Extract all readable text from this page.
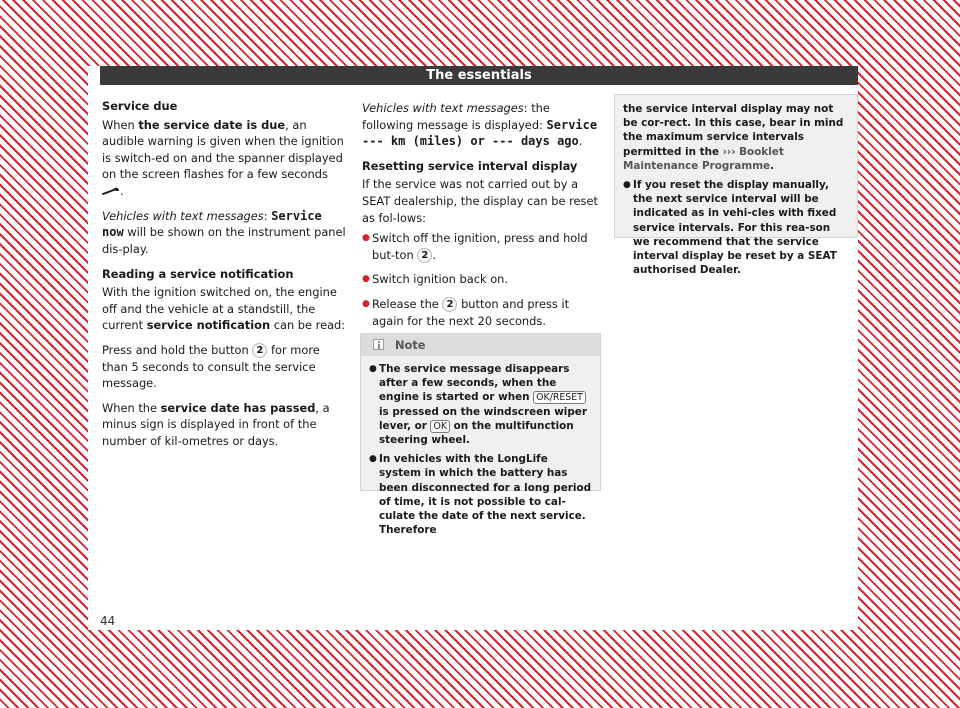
The essentials

Service due

When the service date is due, an audible warning is given when the ignition is switch-ed on and the spanner displayed on the screen flashes for a few seconds .

Vehicles with text messages: Service now will be shown on the instrument panel dis-play.

Reading a service notification

With the ignition switched on, the engine off and the vehicle at a standstill, the current service notification can be read:

Press and hold the button 2 for more than 5 seconds to consult the service message.

When the service date has passed, a minus sign is displayed in front of the number of kil-ometres or days.

Vehicles with text messages: the following message is displayed: Service --- km (miles) or --- days ago.

Resetting service interval display

If the service was not carried out by a SEAT dealership, the display can be reset as fol-lows:

● Switch off the ignition, press and hold but-ton 2 .

● Switch ignition back on.

● Release the 2 button and press it again for the next 20 seconds.

Note

● The service message disappears after a few seconds, when the engine is started or when OK/RESET is pressed on the windscreen wiper lever, or OK on the multifunction steering wheel.

● In vehicles with the LongLife system in which the battery has been disconnected for a long period of time, it is not possible to cal-culate the date of the next service. Therefore

the service interval display may not be cor-rect. In this case, bear in mind the maximum service intervals permitted in the ››› Booklet Maintenance Programme.

● If you reset the display manually, the next service interval will be indicated as in vehi-cles with fixed service intervals. For this rea-son we recommend that the service interval display be reset by a SEAT authorised Dealer.

44
